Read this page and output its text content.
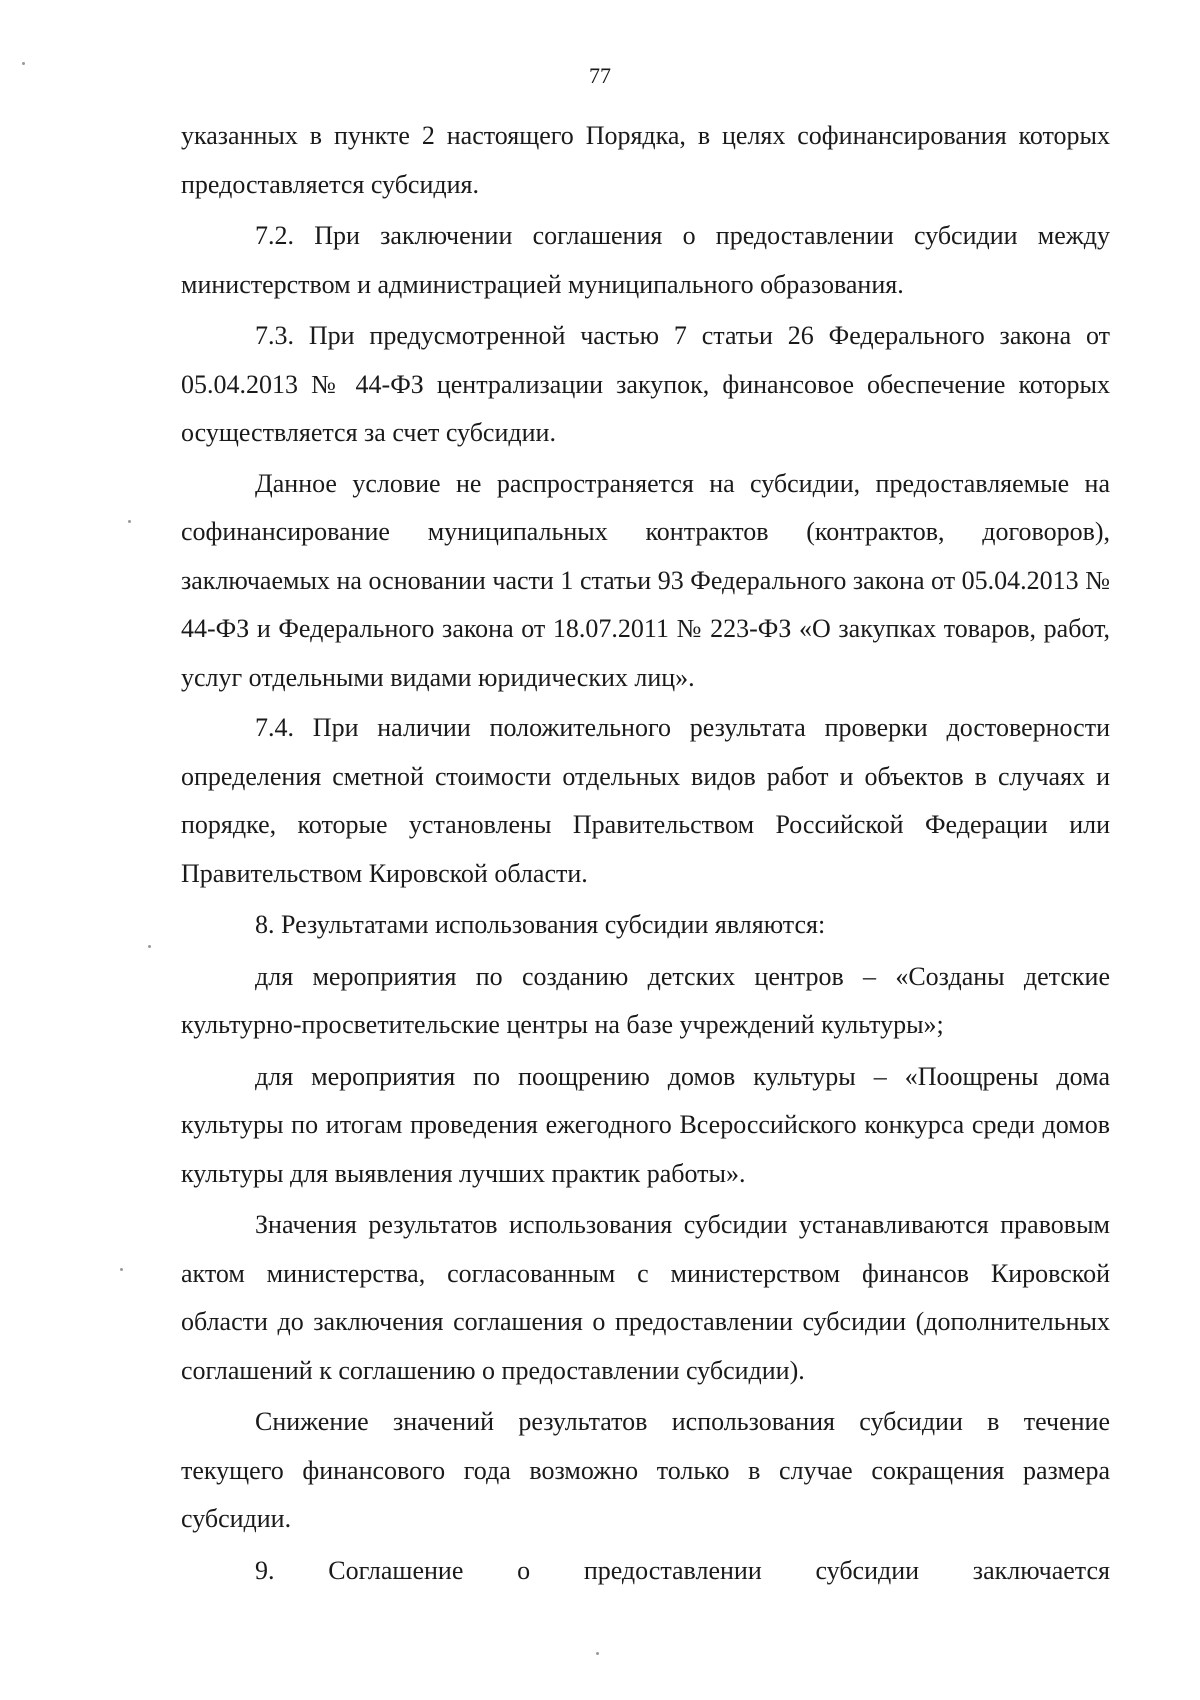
77

указанных в пункте 2 настоящего Порядка, в целях софинансирования которых предоставляется субсидия.

7.2. При заключении соглашения о предоставлении субсидии между министерством и администрацией муниципального образования.

7.3. При предусмотренной частью 7 статьи 26 Федерального закона от 05.04.2013 № 44-ФЗ централизации закупок, финансовое обеспечение которых осуществляется за счет субсидии.

Данное условие не распространяется на субсидии, предоставляемые на софинансирование муниципальных контрактов (контрактов, договоров), заключаемых на основании части 1 статьи 93 Федерального закона от 05.04.2013 № 44-ФЗ и Федерального закона от 18.07.2011 № 223-ФЗ «О закупках товаров, работ, услуг отдельными видами юридических лиц».

7.4. При наличии положительного результата проверки достоверности определения сметной стоимости отдельных видов работ и объектов в случаях и порядке, которые установлены Правительством Российской Федерации или Правительством Кировской области.

8. Результатами использования субсидии являются:

для мероприятия по созданию детских центров – «Созданы детские культурно-просветительские центры на базе учреждений культуры»;

для мероприятия по поощрению домов культуры – «Поощрены дома культуры по итогам проведения ежегодного Всероссийского конкурса среди домов культуры для выявления лучших практик работы».

Значения результатов использования субсидии устанавливаются правовым актом министерства, согласованным с министерством финансов Кировской области до заключения соглашения о предоставлении субсидии (дополнительных соглашений к соглашению о предоставлении субсидии).

Снижение значений результатов использования субсидии в течение текущего финансового года возможно только в случае сокращения размера субсидии.

9. Соглашение о предоставлении субсидии заключается
